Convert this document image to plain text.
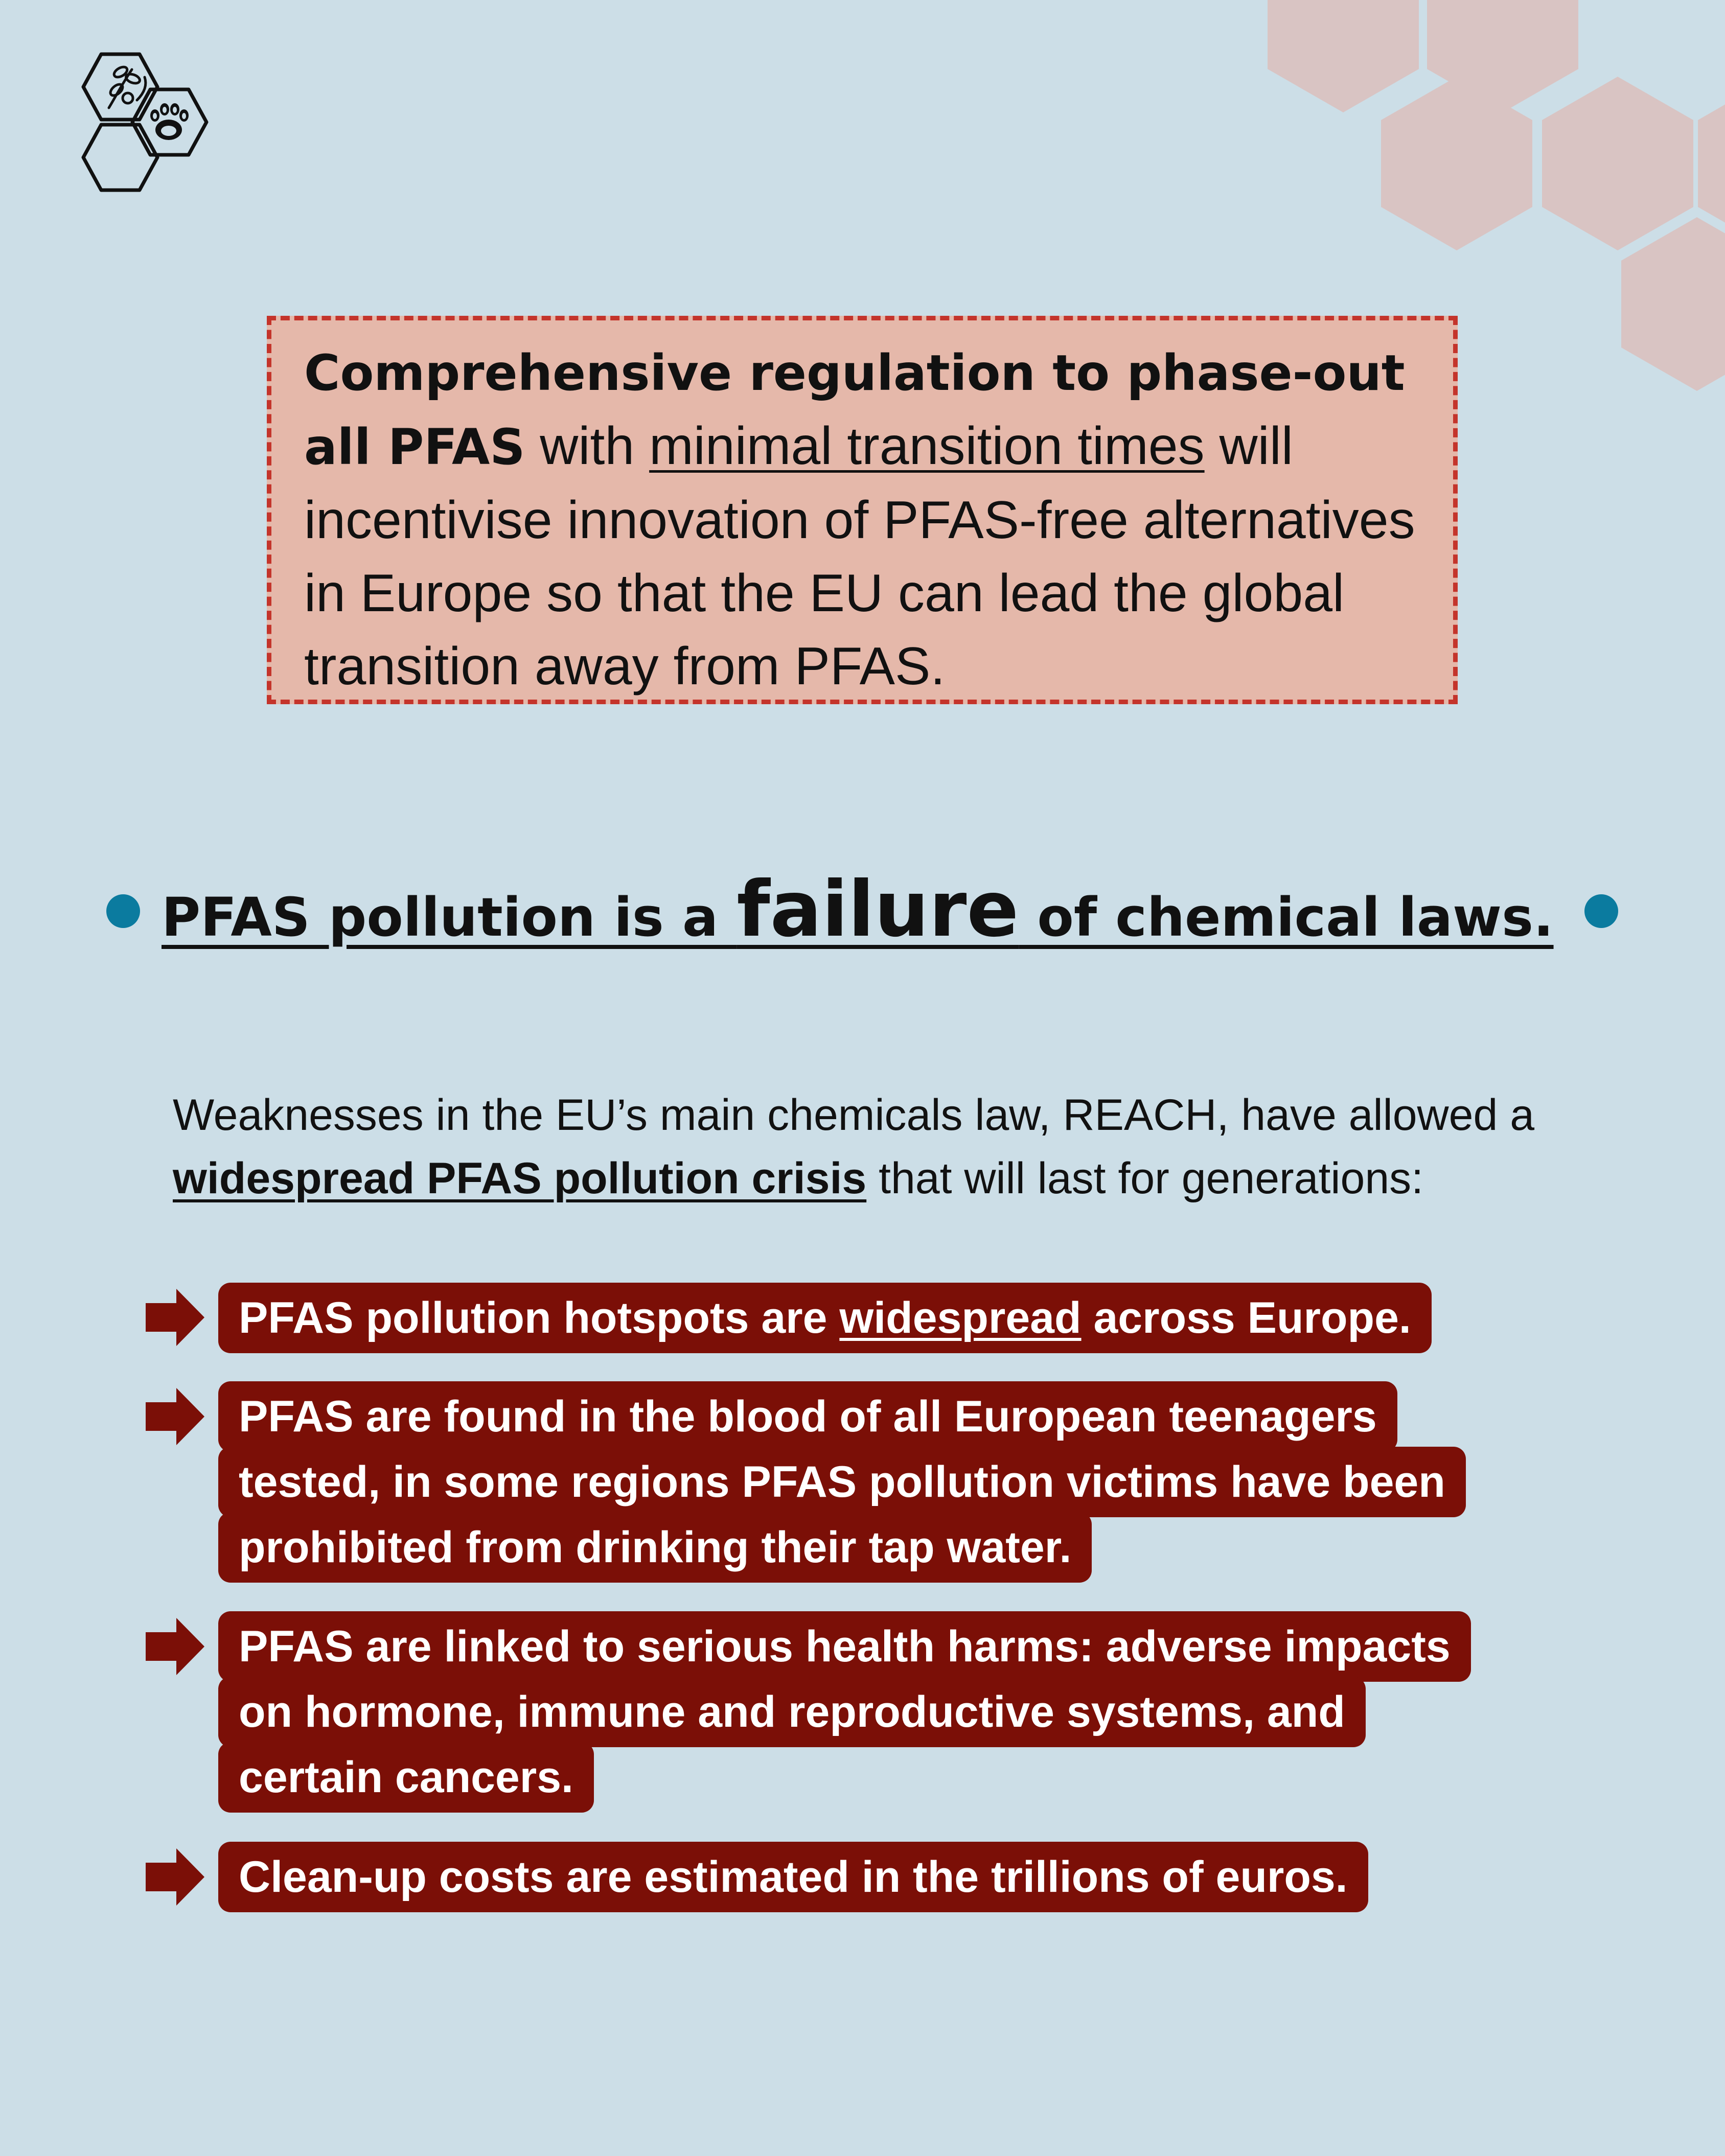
Comprehensive regulation to phase-out all PFAS with minimal transition times will incentivise innovation of PFAS-free alternatives in Europe so that the EU can lead the global transition away from PFAS.
PFAS pollution is a failure of chemical laws.
Weaknesses in the EU’s main chemicals law, REACH, have allowed a widespread PFAS pollution crisis that will last for generations:
PFAS pollution hotspots are widespread across Europe.
PFAS are found in the blood of all European teenagers
tested, in some regions PFAS pollution victims have been
prohibited from drinking their tap water.
PFAS are linked to serious health harms: adverse impacts
on hormone, immune and reproductive systems, and
certain cancers.
Clean-up costs are estimated in the trillions of euros.
